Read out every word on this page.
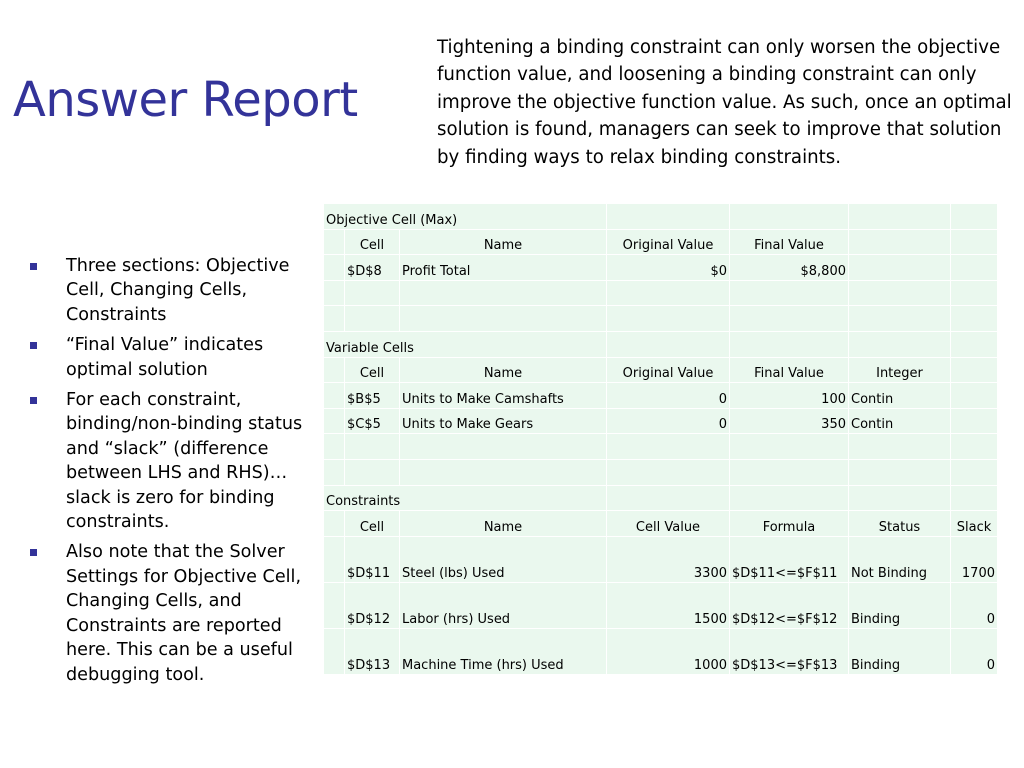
Answer Report
Tightening a binding constraint can only worsen the objective function value, and loosening a binding constraint can only improve the objective function value. As such, once an optimal solution is found, managers can seek to improve that solution by finding ways to relax binding constraints.
Three sections: Objective Cell, Changing Cells, Constraints
“Final Value” indicates optimal solution
For each constraint, binding/non-binding status and “slack” (difference between LHS and RHS)…slack is zero for binding constraints.
Also note that the Solver Settings for Objective Cell, Changing Cells, and Constraints are reported here. This can be a useful debugging tool.
Objective Cell (Max)						
	Cell	Name	Original Value	Final Value		
	$D$8	Profit Total	$0	$8,800		

Variable Cells						
	Cell	Name	Original Value	Final Value	Integer	
	$B$5	Units to Make Camshafts	0	100	Contin	
	$C$5	Units to Make Gears	0	350	Contin	

Constraints						
	Cell	Name	Cell Value	Formula	Status	Slack
	$D$11	Steel (lbs) Used	3300	$D$11<=$F$11	Not Binding	1700
	$D$12	Labor (hrs) Used	1500	$D$12<=$F$12	Binding	0
	$D$13	Machine Time (hrs) Used	1000	$D$13<=$F$13	Binding	0
